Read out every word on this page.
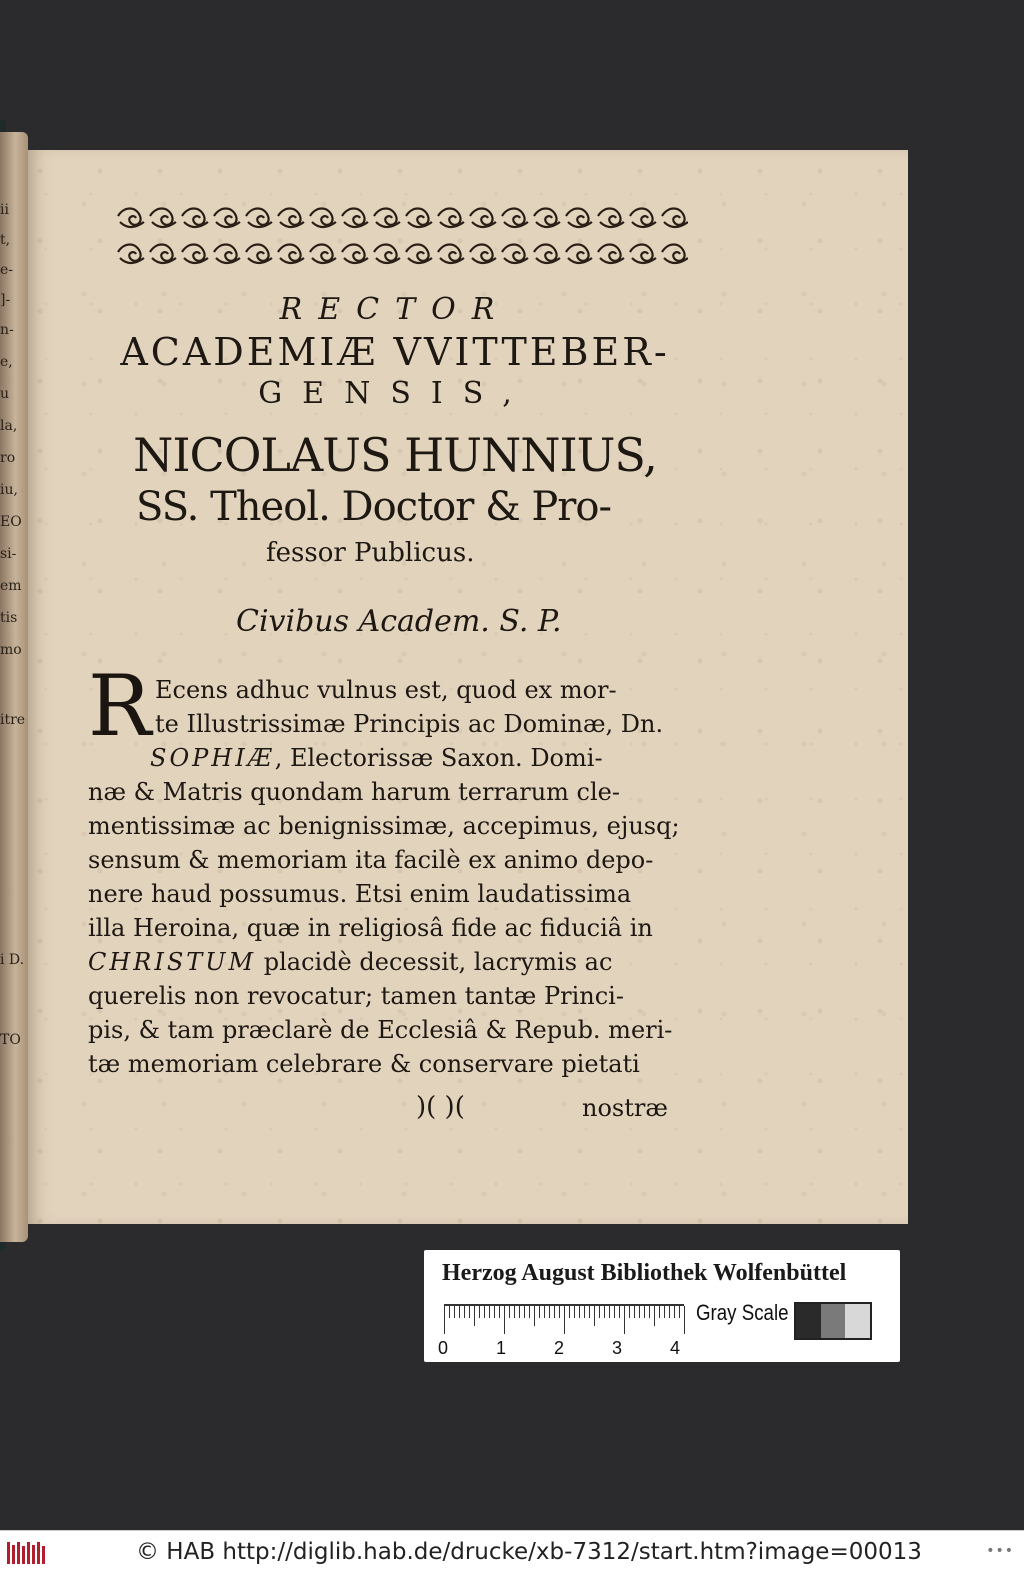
ii
t,
e-
]-
n-
e,
u
la,
ro
iu,
EO
si-
em
tis
mo
itre
i D.
TO
RECTOR
ACADEMIÆ VVITTEBER-
GENSIS,
NICOLAUS HUNNIUS,
SS. Theol. Doctor & Pro-
fessor Publicus.
Civibus Academ. S. P.
R Ecens adhuc vulnus est, quod ex mor-
te Illustrissimæ Principis ac Dominæ, Dn.
SOPHIÆ, Electorissæ Saxon. Domi-
næ & Matris quondam harum terrarum cle-
mentissimæ ac benignissimæ, accepimus, ejusq;
sensum & memoriam ita facilè ex animo depo-
nere haud possumus. Etsi enim laudatissima
illa Heroina, quæ in religiosâ fide ac fiduciâ in
CHRISTUM placidè decessit, lacrymis ac
querelis non revocatur; tamen tantæ Princi-
pis, & tam præclarè de Ecclesiâ & Repub. meri-
tæ memoriam celebrare & conservare pietati
)( )(	nostræ
Herzog August Bibliothek Wolfenbüttel
0	1	2	3	4
Gray Scale
© HAB http://diglib.hab.de/drucke/xb-7312/start.htm?image=00013	•••
